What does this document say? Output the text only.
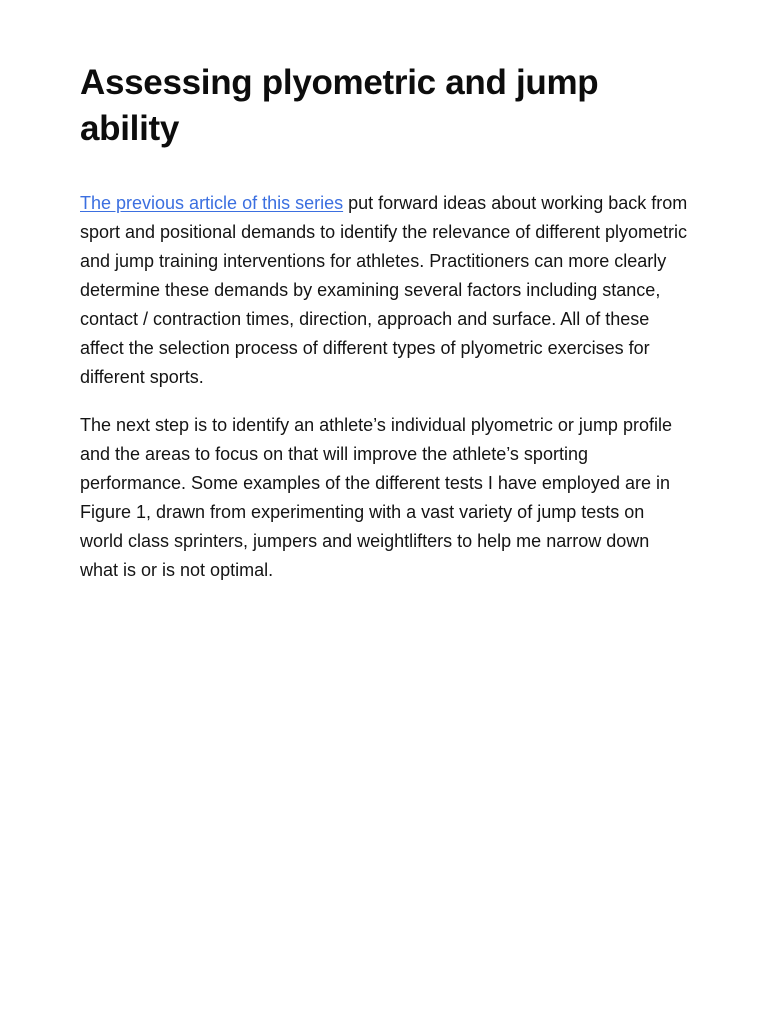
Assessing plyometric and jump ability

The previous article of this series put forward ideas about working back from sport and positional demands to identify the relevance of different plyometric and jump training interventions for athletes. Practitioners can more clearly determine these demands by examining several factors including stance, contact / contraction times, direction, approach and surface. All of these affect the selection process of different types of plyometric exercises for different sports.

The next step is to identify an athlete’s individual plyometric or jump profile and the areas to focus on that will improve the athlete’s sporting performance. Some examples of the different tests I have employed are in Figure 1, drawn from experimenting with a vast variety of jump tests on world class sprinters, jumpers and weightlifters to help me narrow down what is or is not optimal.
